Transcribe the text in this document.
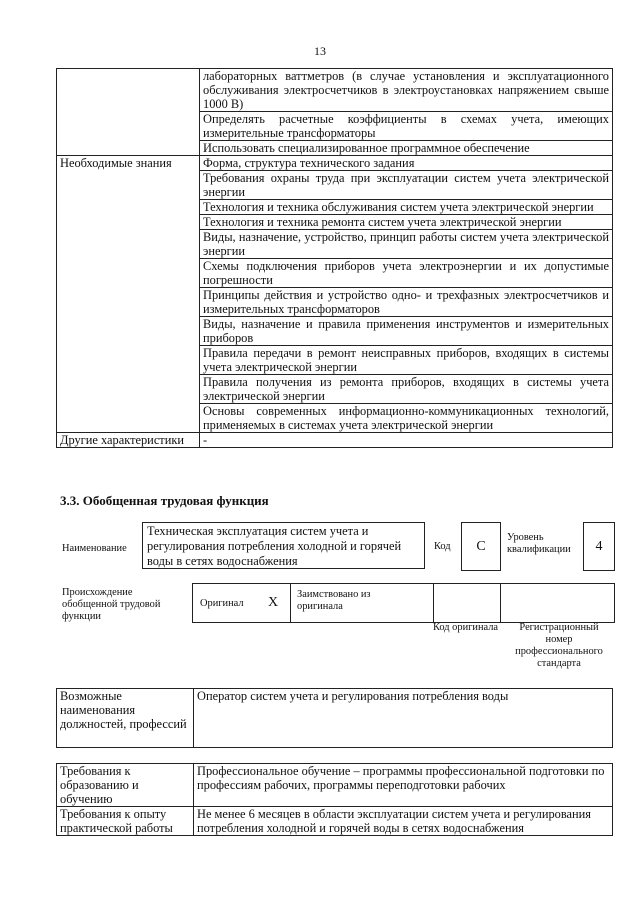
13
	лабораторных ваттметров (в случае установления и эксплуатационного обслуживания электросчетчиков в электроустановках напряжением свыше 1000 В)
	Определять расчетные коэффициенты в схемах учета, имеющих измерительные трансформаторы
	Использовать специализированное программное обеспечение
Необходимые знания	Форма, структура технического задания
	Требования охраны труда при эксплуатации систем учета электрической энергии
	Технология и техника обслуживания систем учета электрической энергии
	Технология и техника ремонта систем учета электрической энергии
	Виды, назначение, устройство, принцип работы систем учета электрической энергии
	Схемы подключения приборов учета электроэнергии и их допустимые погрешности
	Принципы действия и устройство одно- и трехфазных электросчетчиков и измерительных трансформаторов
	Виды, назначение и правила применения инструментов и измерительных приборов
	Правила передачи в ремонт неисправных приборов, входящих в системы учета электрической энергии
	Правила получения из ремонта приборов, входящих в системы учета электрической энергии
	Основы современных информационно-коммуникационных технологий, применяемых в системах учета электрической энергии
Другие характеристики	-
3.3. Обобщенная трудовая функция
Наименование
Техническая эксплуатация систем учета и регулирования потребления холодной и горячей воды в сетях водоснабжения
Код C
Уровень квалификации	4
Происхождение обобщенной трудовой функции
Оригинал X
Заимствовано из оригинала
Код оригинала	Регистрационный номер профессионального стандарта
Возможные наименования должностей, профессий	Оператор систем учета и регулирования потребления воды
Требования к образованию и обучению	Профессиональное обучение – программы профессиональной подготовки по профессиям рабочих, программы переподготовки рабочих
Требования к опыту практической работы	Не менее 6 месяцев в области эксплуатации систем учета и регулирования потребления холодной и горячей воды в сетях водоснабжения
